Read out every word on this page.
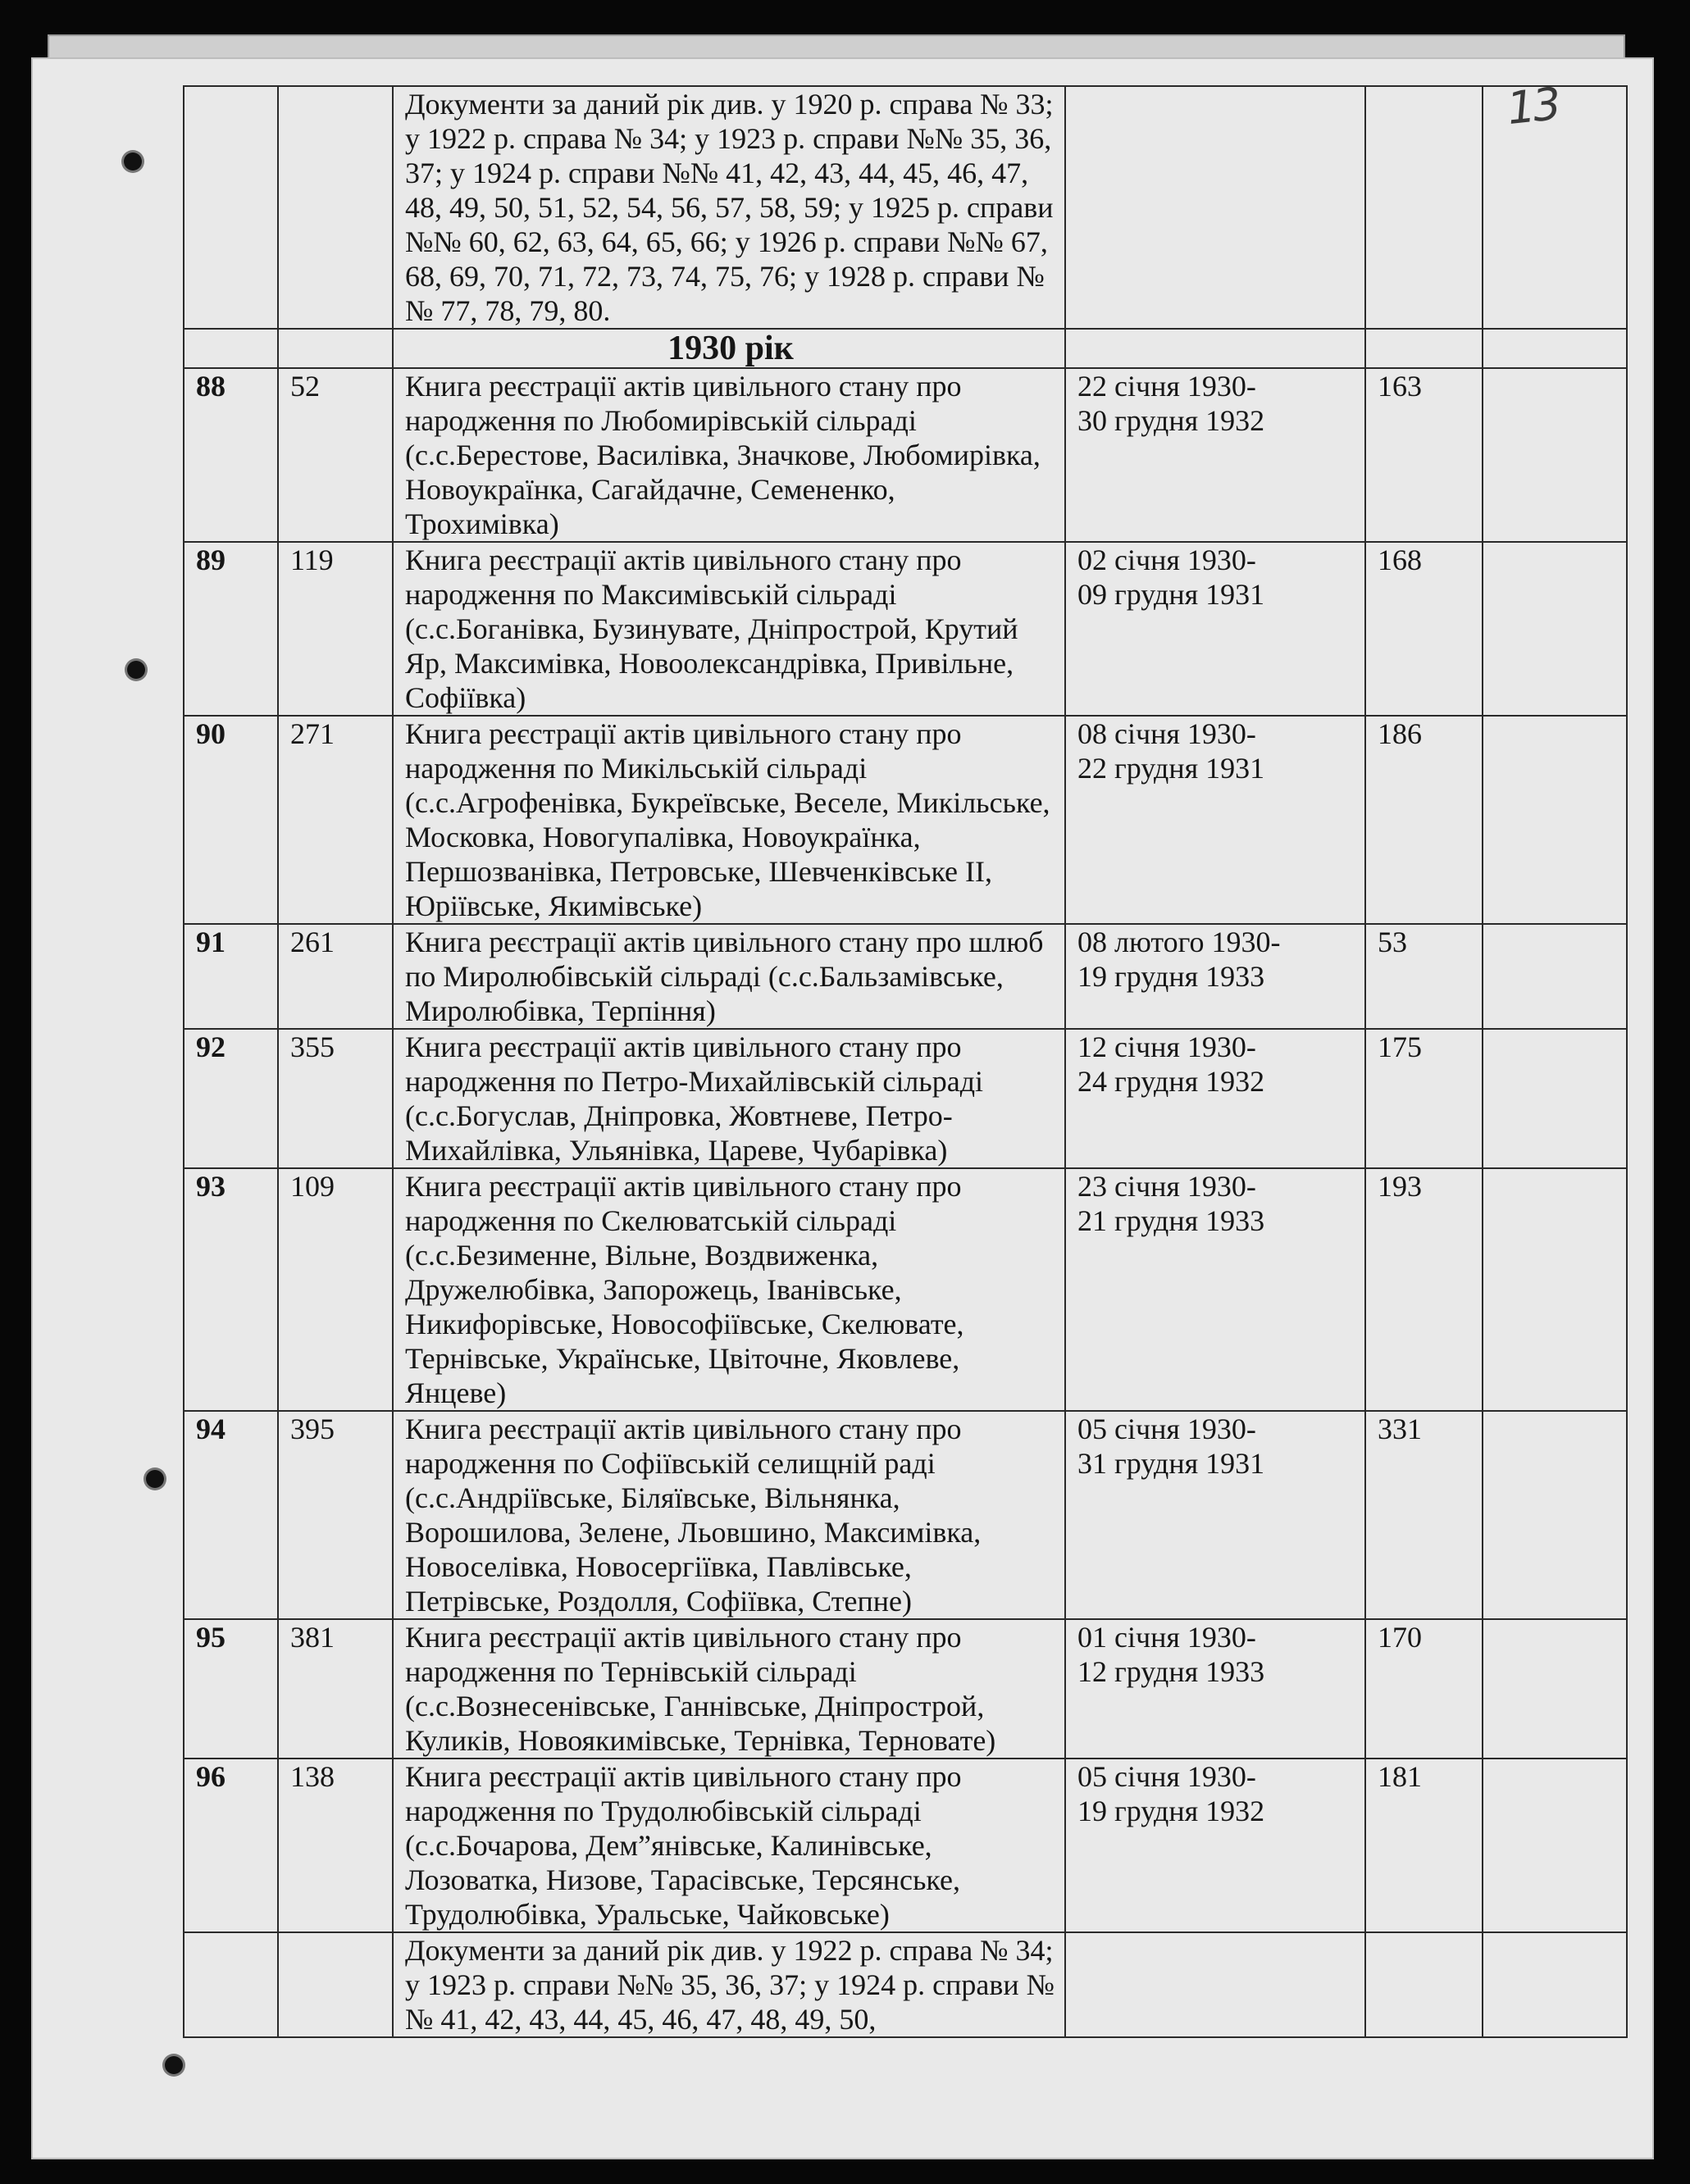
13
		Документи за даний рік див. у 1920 р. справа № 33; у 1922 р. справа № 34; у 1923 р. справи №№ 35, 36, 37; у 1924 р. справи №№ 41, 42, 43, 44, 45, 46, 47, 48, 49, 50, 51, 52, 54, 56, 57, 58, 59; у 1925 р. справи №№ 60, 62, 63, 64, 65, 66; у 1926 р. справи №№ 67, 68, 69, 70, 71, 72, 73, 74, 75, 76; у 1928 р. справи №№ 77, 78, 79, 80.			
		1930 рік			
88	52	Книга реєстрації актів цивільного стану про народження по Любомирівській сільраді (с.с.Берестове, Василівка, Значкове, Любомирівка, Новоукраїнка, Сагайдачне, Семененко, Трохимівка)	22 січня 1930-
30 грудня 1932	163	
89	119	Книга реєстрації актів цивільного стану про народження по Максимівській сільраді (с.с.Боганівка, Бузинувате, Дніпрострой, Крутий Яр, Максимівка, Новоолександрівка, Привільне, Софіївка)	02 січня 1930-
09 грудня 1931	168	
90	271	Книга реєстрації актів цивільного стану про народження по Микільській сільраді (с.с.Агрофенівка, Букреївське, Веселе, Микільське, Московка, Новогупалівка, Новоукраїнка, Першозванівка, Петровське, Шевченківське ІІ, Юріївське, Якимівське)	08 січня 1930-
22 грудня 1931	186	
91	261	Книга реєстрації актів цивільного стану про шлюб по Миролюбівській сільраді (с.с.Бальзамівське, Миролюбівка, Терпіння)	08 лютого 1930-
19 грудня 1933	53	
92	355	Книга реєстрації актів цивільного стану про народження по Петро-Михайлівській сільраді (с.с.Богуслав, Дніпровка, Жовтневе, Петро-Михайлівка, Ульянівка, Цареве, Чубарівка)	12 січня 1930-
24 грудня 1932	175	
93	109	Книга реєстрації актів цивільного стану про народження по Скелюватській сільраді (с.с.Безименне, Вільне, Воздвиженка, Дружелюбівка, Запорожець, Іванівське, Никифорівське, Новософіївське, Скелювате, Тернівське, Українське, Цвіточне, Яковлеве, Янцеве)	23 січня 1930-
21 грудня 1933	193	
94	395	Книга реєстрації актів цивільного стану про народження по Софіївській селищній раді (с.с.Андріївське, Біляївське, Вільнянка, Ворошилова, Зелене, Льовшино, Максимівка, Новоселівка, Новосергіївка, Павлівське, Петрівське, Роздолля, Софіївка, Степне)	05 січня 1930-
31 грудня 1931	331	
95	381	Книга реєстрації актів цивільного стану про народження по Тернівській сільраді (с.с.Вознесенівське, Ганнівське, Дніпрострой, Куликів, Новоякимівське, Тернівка, Терновате)	01 січня 1930-
12 грудня 1933	170	
96	138	Книга реєстрації актів цивільного стану про народження по Трудолюбівській сільраді (с.с.Бочарова, Дем”янівське, Калинівське, Лозоватка, Низове, Тарасівське, Терсянське, Трудолюбівка, Уральське, Чайковське)	05 січня 1930-
19 грудня 1932	181	
		Документи за даний рік див. у 1922 р. справа № 34; у 1923 р. справи №№ 35, 36, 37; у 1924 р. справи №№ 41, 42, 43, 44, 45, 46, 47, 48, 49, 50,			
